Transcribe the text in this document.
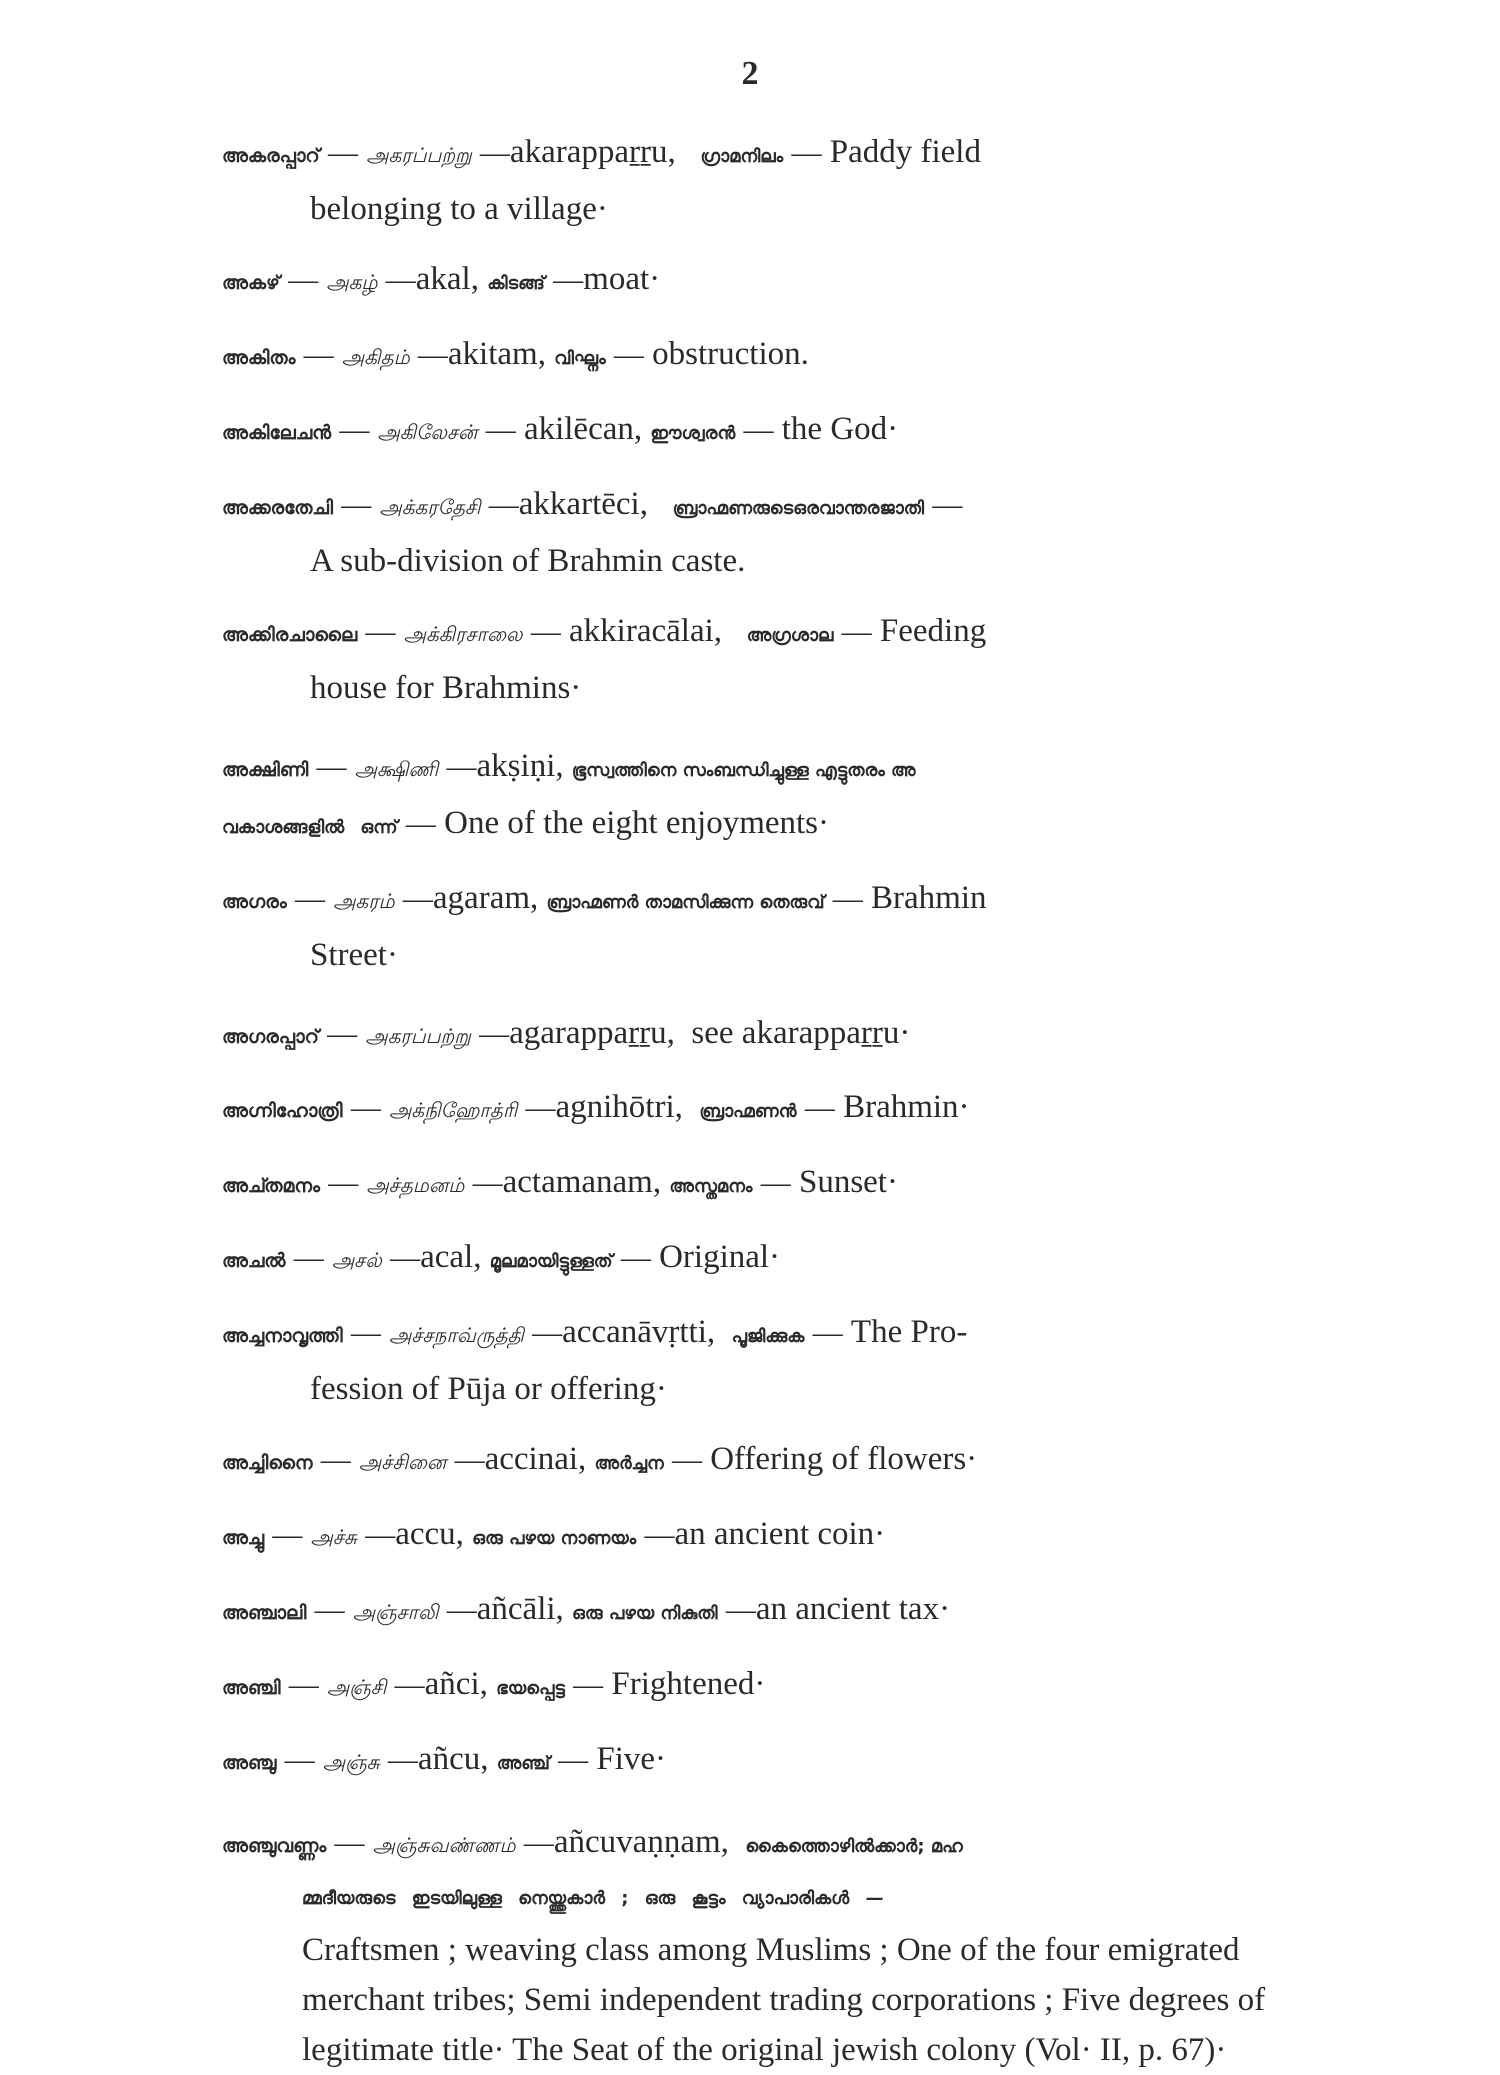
2
അകരപ്പാറ് — அகரப்பற்று —akarappaṟṟu, ഗ്രാമനിലം — Paddy field
belonging to a village·
അകഴ് — அகழ் —akal, കിടങ്ങ് —moat·
അകിതം — அகிதம் —akitam, വിഘ്നം — obstruction.
അകിലേചൻ — அகிலேசன் — akilēcan, ഈശ്വരൻ — the God·
അക്കരതേചി — அக்கரதேசி —akkartēci, ബ്രാഹ്മണരുടെഒരവാന്തരജാതി —
A sub-division of Brahmin caste.
അക്കിരചാലൈ — அக்கிரசாலை — akkiracālai, അഗ്രശാല — Feeding
house for Brahmins·
അക്ഷിണി — அக்ஷிணி —akṣiṇi, ഭൂസ്വത്തിനെ സംബന്ധിച്ചുള്ള എട്ടുതരം അ
വകാശങ്ങളിൽ ഒന്ന് — One of the eight enjoyments·
അഗരം — அகரம் —agaram, ബ്രാഹ്മണർ താമസിക്കുന്ന തെരുവ് — Brahmin
Street·
അഗരപ്പാറ് — அகரப்பற்று —agarappaṟṟu, see akarappaṟṟu·
അഗ്നിഹോത്രി — அக்நிஹோத்ரி —agnihōtri, ബ്രാഹ്മണൻ — Brahmin·
അച്തമനം — அச்தமனம் —actamanam, അസ്തമനം — Sunset·
അചൽ — அசல் —acal, മൂലമായിട്ടുള്ളത് — Original·
അച്ചനാവൃത്തി — அச்சநாவ்ருத்தி —accanāvṛtti, പൂജിക്കുക — The Pro-
fession of Pūja or offering·
അച്ചിനൈ — அச்சினை —accinai, അർച്ചന — Offering of flowers·
അച്ചു — அச்சு —accu, ഒരു പഴയ നാണയം —an ancient coin·
അഞ്ചാലി — அஞ்சாலி —añcāli, ഒരു പഴയ നികുതി —an ancient tax·
അഞ്ചി — அஞ்சி —añci, ഭയപ്പെട്ട — Frightened·
അഞ്ചു — அஞ்சு —añcu, അഞ്ച് — Five·
അഞ്ചുവണ്ണം — அஞ்சுவண்ணம் —añcuvaṇṇam, കൈത്തൊഴിൽക്കാർ; മഹ
മ്മദീയരുടെ ഇടയിലുള്ള നെയ്ത്തുകാർ ; ഒരു കൂട്ടം വ്യാപാരികൾ —
Craftsmen ; weaving class among Muslims ; One of the four emigrated merchant tribes; Semi independent trading corporations ; Five degrees of legitimate title· The Seat of the original jewish colony (Vol· II, p. 67)·
